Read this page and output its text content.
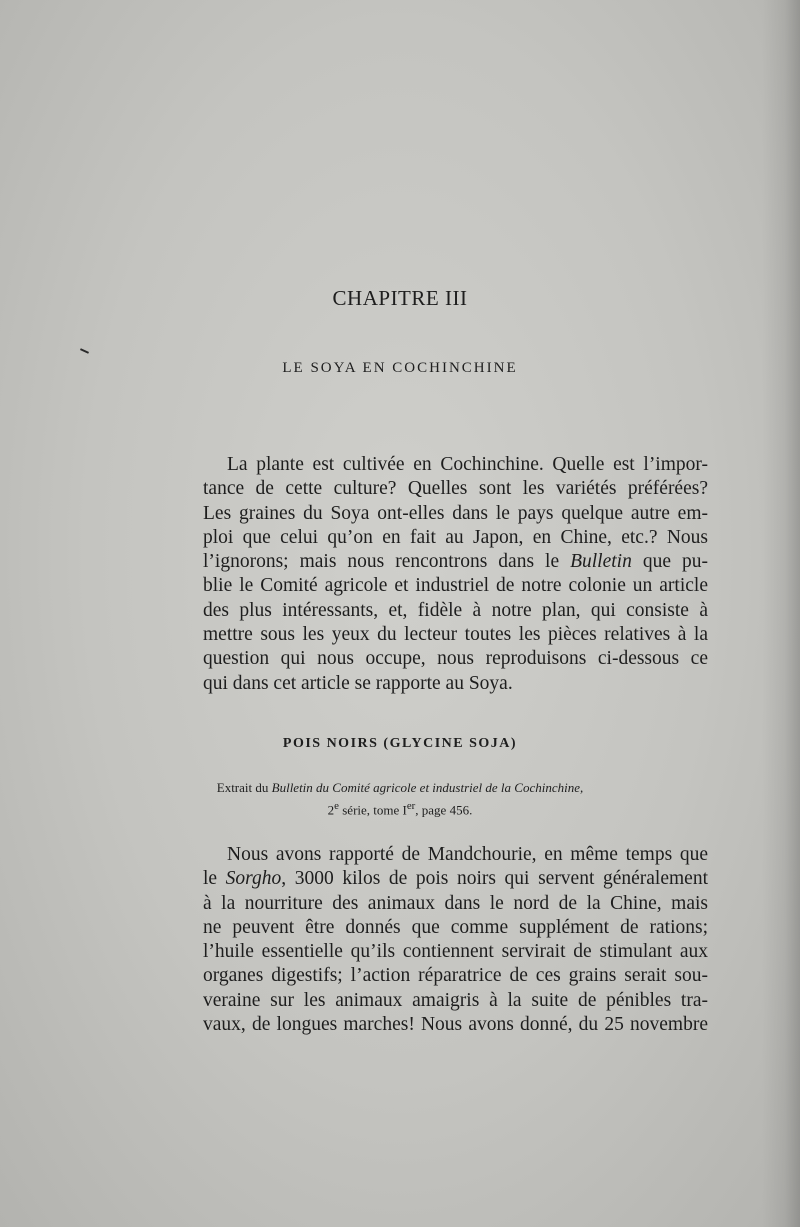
CHAPITRE III
LE SOYA EN COCHINCHINE
La plante est cultivée en Cochinchine. Quelle est l’impor-
tance de cette culture? Quelles sont les variétés préférées?
Les graines du Soya ont-elles dans le pays quelque autre em-
ploi que celui qu’on en fait au Japon, en Chine, etc.? Nous
l’ignorons; mais nous rencontrons dans le Bulletin que pu-
blie le Comité agricole et industriel de notre colonie un article
des plus intéressants, et, fidèle à notre plan, qui consiste à
mettre sous les yeux du lecteur toutes les pièces relatives à la
question qui nous occupe, nous reproduisons ci-dessous ce
qui dans cet article se rapporte au Soya.
POIS NOIRS (GLYCINE SOJA)
Extrait du Bulletin du Comité agricole et industriel de la Cochinchine,
2e série, tome Ier, page 456.
Nous avons rapporté de Mandchourie, en même temps que
le Sorgho, 3000 kilos de pois noirs qui servent généralement
à la nourriture des animaux dans le nord de la Chine, mais
ne peuvent être donnés que comme supplément de rations;
l’huile essentielle qu’ils contiennent servirait de stimulant aux
organes digestifs; l’action réparatrice de ces grains serait sou-
veraine sur les animaux amaigris à la suite de pénibles tra-
vaux, de longues marches! Nous avons donné, du 25 novembre
